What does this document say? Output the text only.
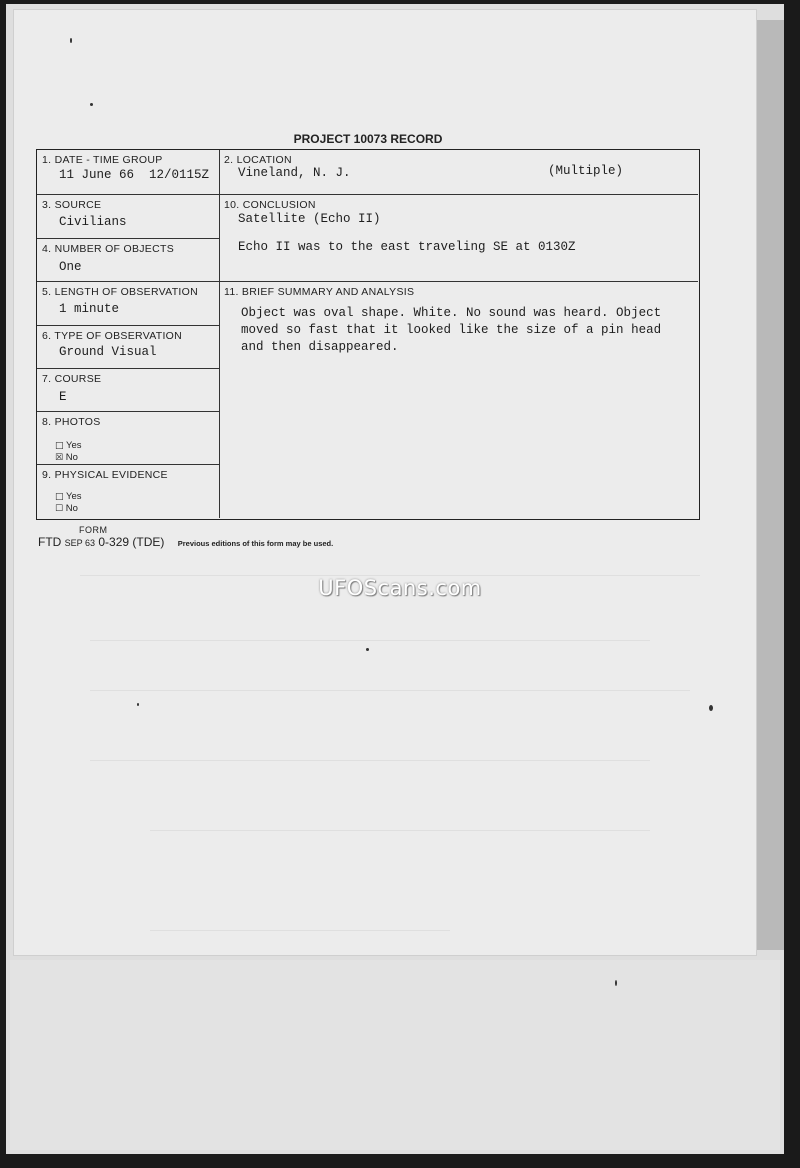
PROJECT 10073 RECORD
1. DATE - TIME GROUP
11 June 66 12/0115Z
2. LOCATION
Vineland, N. J.	(Multiple)
3. SOURCE
Civilians
4. NUMBER OF OBJECTS
One
10. CONCLUSION
Satellite (Echo II)
Echo II was to the east traveling SE at 0130Z
5. LENGTH OF OBSERVATION
1 minute
6. TYPE OF OBSERVATION
Ground Visual
7. COURSE
E
8. PHOTOS
□ Yes
☒ No
9. PHYSICAL EVIDENCE
□ Yes
☐ No
11. BRIEF SUMMARY AND ANALYSIS
Object was oval shape. White. No sound was heard. Object
moved so fast that it looked like the size of a pin head
and then disappeared.
FORM
FTD SEP 63 0-329 (TDE) Previous editions of this form may be used.
UFOScans.com
